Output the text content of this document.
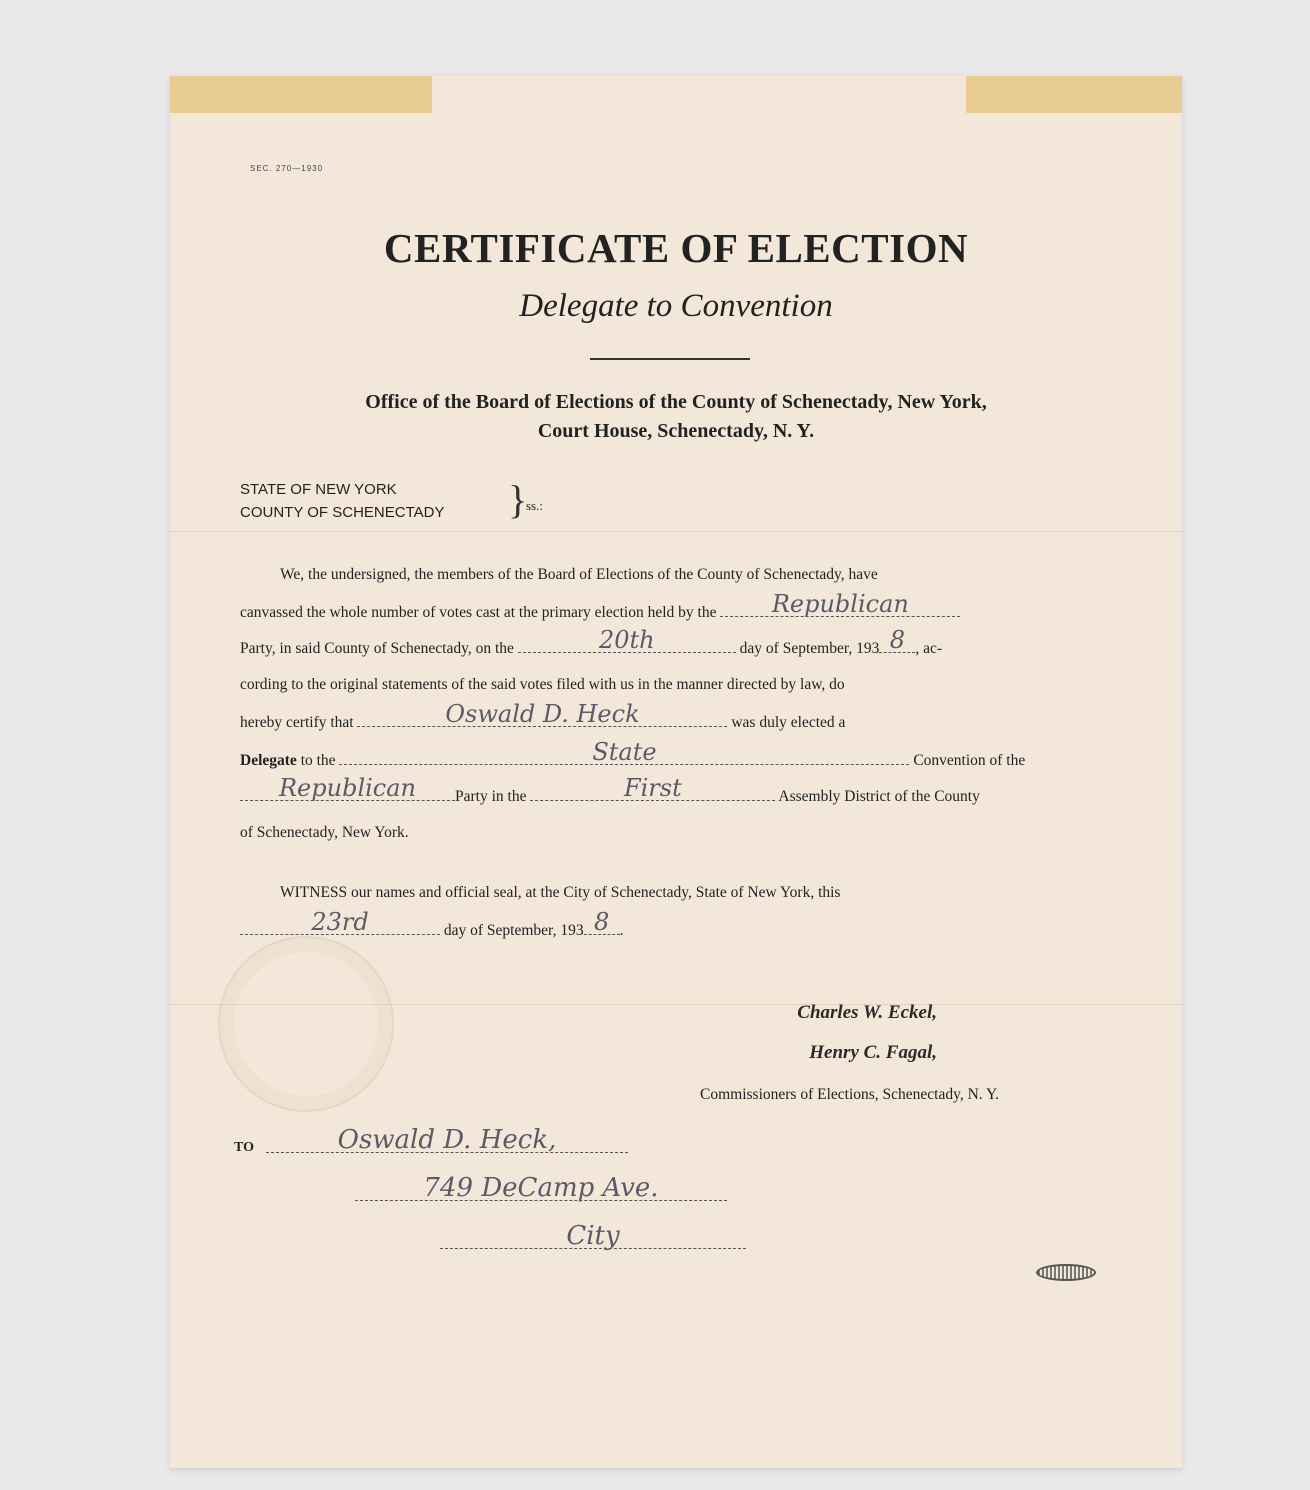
SEC. 270—1930
CERTIFICATE OF ELECTION
Delegate to Convention
Office of the Board of Elections of the County of Schenectady, New York,
Court House, Schenectady, N. Y.
STATE OF NEW YORK
COUNTY OF SCHENECTADY }
ss.:
We, the undersigned, the members of the Board of Elections of the County of Schenectady, have
canvassed the whole number of votes cast at the primary election held by the	Republican
Party, in said County of Schenectady, on the	20th	day of September, 193 8 , ac-
cording to the original statements of the said votes filed with us in the manner directed by law, do
hereby certify that	Oswald D. Heck	was duly elected a
Delegate to the	State	Convention of the
Republican	Party in the	First	Assembly District of the County
of Schenectady, New York.
WITNESS our names and official seal, at the City of Schenectady, State of New York, this
23rd	day of September, 193 8 .
Charles W. Eckel,
Henry C. Fagal,
Commissioners of Elections, Schenectady, N. Y.
TO	Oswald D. Heck,
749 DeCamp Ave.
City
